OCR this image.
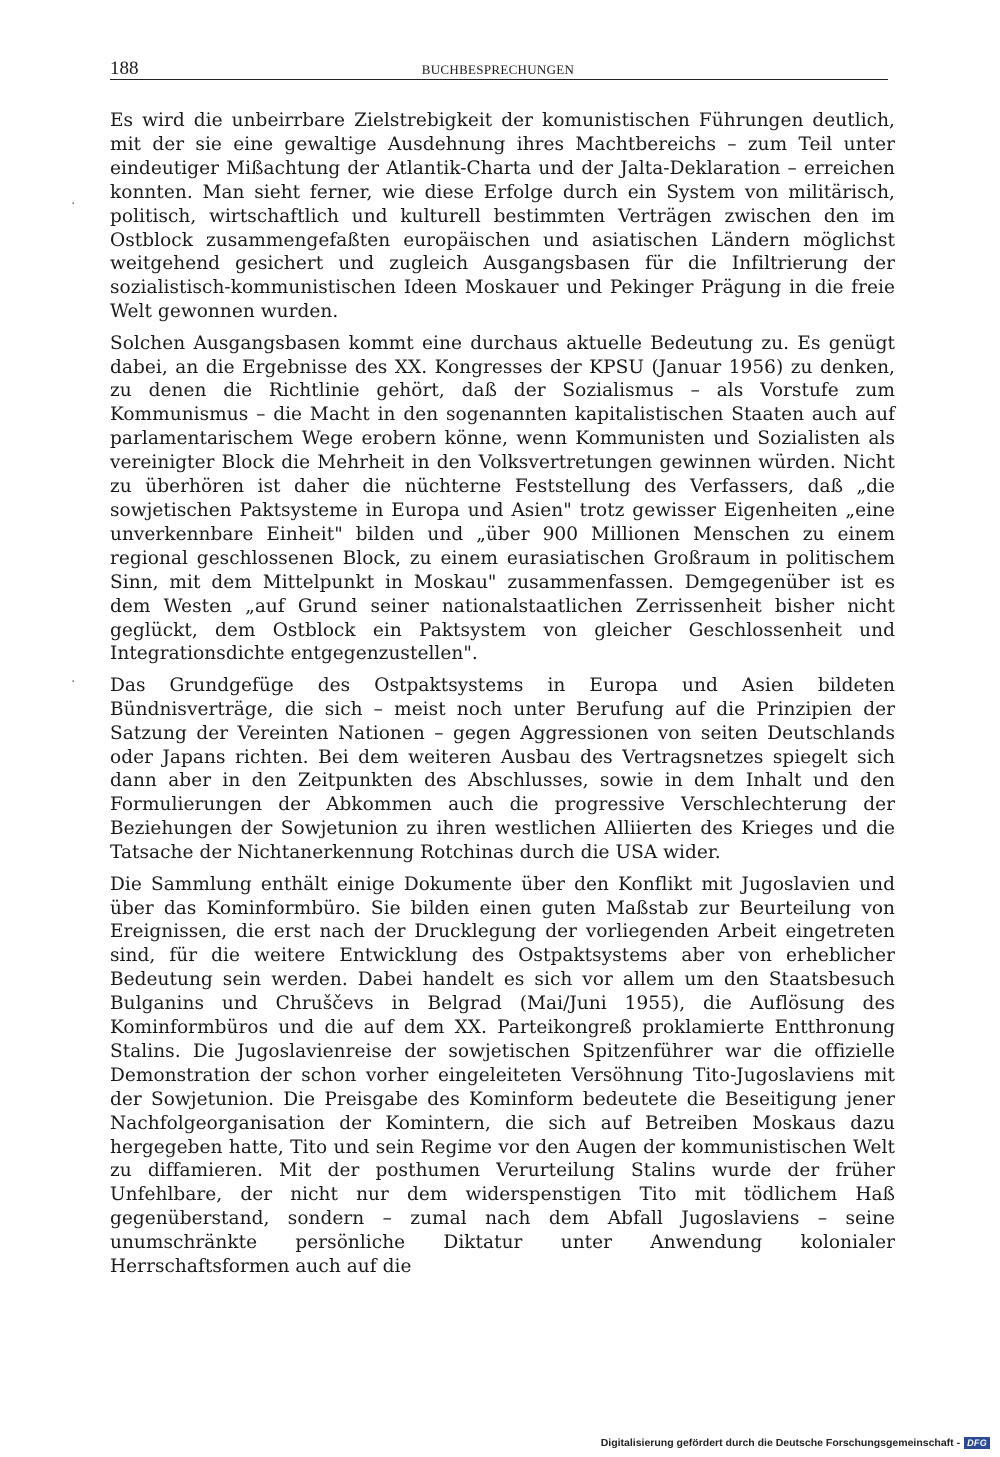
188	BUCHBESPRECHUNGEN
·
·

Es wird die unbeirrbare Zielstrebigkeit der komunistischen Führungen deutlich, mit der sie eine gewaltige Ausdehnung ihres Machtbereichs – zum Teil unter eindeutiger Mißachtung der Atlantik-Charta und der Jalta-Deklaration – erreichen konnten. Man sieht ferner, wie diese Erfolge durch ein System von militärisch, politisch, wirtschaftlich und kulturell bestimmten Verträgen zwischen den im Ostblock zusammengefaßten europäischen und asiatischen Ländern möglichst weitgehend gesichert und zugleich Ausgangsbasen für die Infiltrierung der sozialistisch-kommunistischen Ideen Moskauer und Pekinger Prägung in die freie Welt gewonnen wurden.

Solchen Ausgangsbasen kommt eine durchaus aktuelle Bedeutung zu. Es genügt dabei, an die Ergebnisse des XX. Kongresses der KPSU (Januar 1956) zu denken, zu denen die Richtlinie gehört, daß der Sozialismus – als Vorstufe zum Kommunismus – die Macht in den sogenannten kapitalistischen Staaten auch auf parlamentarischem Wege erobern könne, wenn Kommunisten und Sozialisten als vereinigter Block die Mehrheit in den Volksvertretungen gewinnen würden. Nicht zu überhören ist daher die nüchterne Feststellung des Verfassers, daß „die sowjetischen Paktsysteme in Europa und Asien" trotz gewisser Eigenheiten „eine unverkennbare Einheit" bilden und „über 900 Millionen Menschen zu einem regional geschlossenen Block, zu einem eurasiatischen Großraum in politischem Sinn, mit dem Mittelpunkt in Moskau" zusammenfassen. Demgegenüber ist es dem Westen „auf Grund seiner nationalstaatlichen Zerrissenheit bisher nicht geglückt, dem Ostblock ein Paktsystem von gleicher Geschlossenheit und Integrationsdichte entgegenzustellen".

Das Grundgefüge des Ostpaktsystems in Europa und Asien bildeten Bündnisverträge, die sich – meist noch unter Berufung auf die Prinzipien der Satzung der Vereinten Nationen – gegen Aggressionen von seiten Deutschlands oder Japans richten. Bei dem weiteren Ausbau des Vertragsnetzes spiegelt sich dann aber in den Zeitpunkten des Abschlusses, sowie in dem Inhalt und den Formulierungen der Abkommen auch die progressive Verschlechterung der Beziehungen der Sowjetunion zu ihren westlichen Alliierten des Krieges und die Tatsache der Nichtanerkennung Rotchinas durch die USA wider.

Die Sammlung enthält einige Dokumente über den Konflikt mit Jugoslavien und über das Kominformbüro. Sie bilden einen guten Maßstab zur Beurteilung von Ereignissen, die erst nach der Drucklegung der vorliegenden Arbeit eingetreten sind, für die weitere Entwicklung des Ostpaktsystems aber von erheblicher Bedeutung sein werden. Dabei handelt es sich vor allem um den Staatsbesuch Bulganins und Chruščevs in Belgrad (Mai/Juni 1955), die Auflösung des Kominformbüros und die auf dem XX. Parteikongreß proklamierte Entthronung Stalins. Die Jugoslavienreise der sowjetischen Spitzenführer war die offizielle Demonstration der schon vorher eingeleiteten Versöhnung Tito-Jugoslaviens mit der Sowjetunion. Die Preisgabe des Kominform bedeutete die Beseitigung jener Nachfolgeorganisation der Komintern, die sich auf Betreiben Moskaus dazu hergegeben hatte, Tito und sein Regime vor den Augen der kommunistischen Welt zu diffamieren. Mit der posthumen Verurteilung Stalins wurde der früher Unfehlbare, der nicht nur dem widerspenstigen Tito mit tödlichem Haß gegenüberstand, sondern – zumal nach dem Abfall Jugoslaviens – seine unumschränkte persönliche Diktatur unter Anwendung kolonialer Herrschaftsformen auch auf die

Digitalisierung gefördert durch die Deutsche Forschungsgemeinschaft - DFG
